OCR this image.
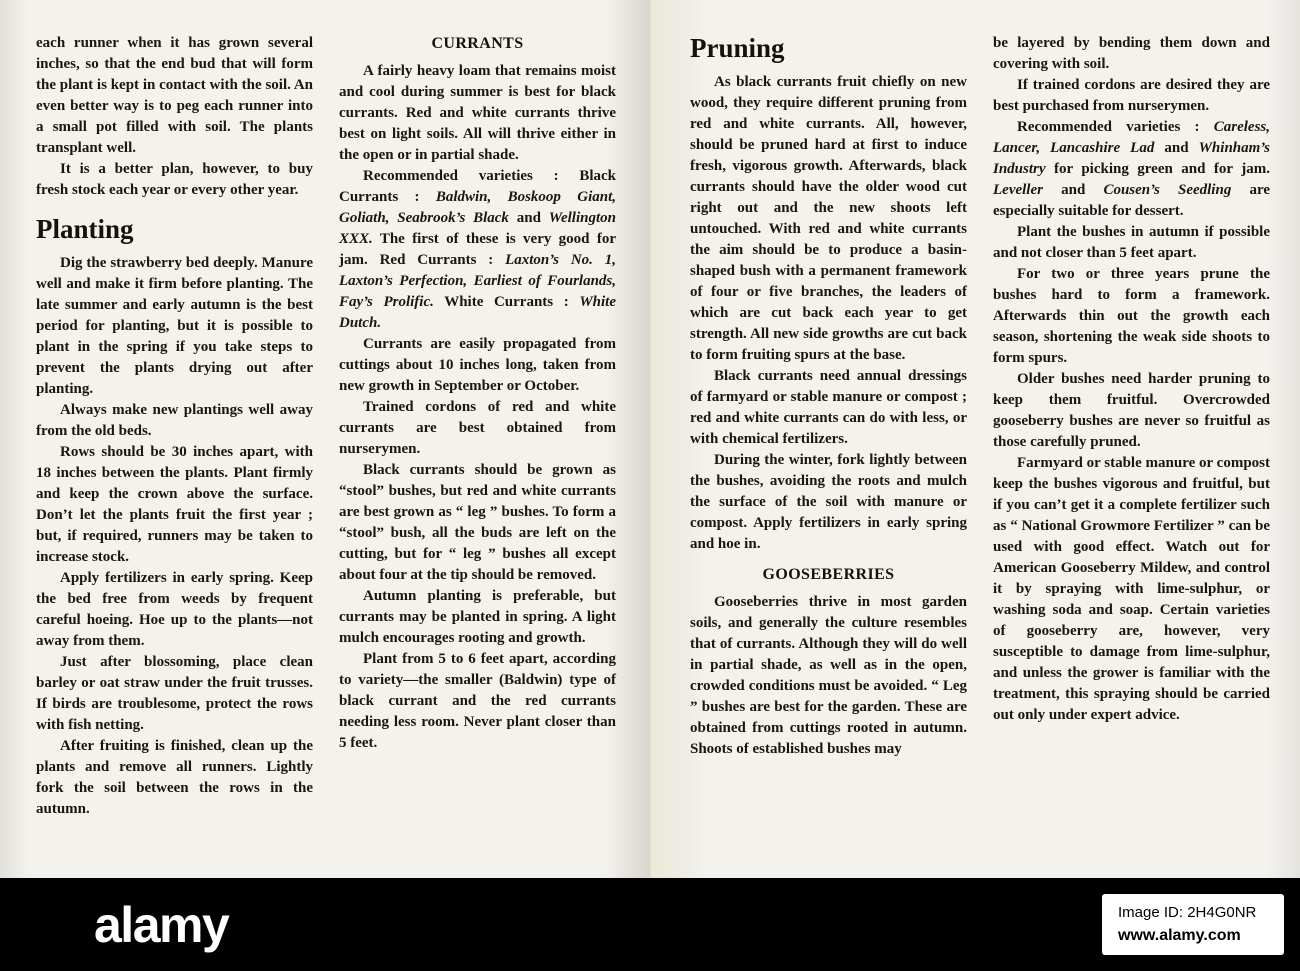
each runner when it has grown several inches, so that the end bud that will form the plant is kept in contact with the soil. An even better way is to peg each runner into a small pot filled with soil. The plants transplant well.

It is a better plan, however, to buy fresh stock each year or every other year.

Planting

Dig the strawberry bed deeply. Manure well and make it firm before planting. The late summer and early autumn is the best period for planting, but it is possible to plant in the spring if you take steps to prevent the plants drying out after planting.

Always make new plantings well away from the old beds.

Rows should be 30 inches apart, with 18 inches between the plants. Plant firmly and keep the crown above the surface. Don’t let the plants fruit the first year ; but, if required, runners may be taken to increase stock.

Apply fertilizers in early spring. Keep the bed free from weeds by frequent careful hoeing. Hoe up to the plants—not away from them.

Just after blossoming, place clean barley or oat straw under the fruit trusses. If birds are troublesome, protect the rows with fish netting.

After fruiting is finished, clean up the plants and remove all runners. Lightly fork the soil between the rows in the autumn.

CURRANTS

A fairly heavy loam that remains moist and cool during summer is best for black currants. Red and white currants thrive best on light soils. All will thrive either in the open or in partial shade.

Recommended varieties : Black Currants : Baldwin, Boskoop Giant, Goliath, Seabrook’s Black and Wellington XXX. The first of these is very good for jam. Red Currants : Laxton’s No. 1, Laxton’s Perfection, Earliest of Fourlands, Fay’s Prolific. White Currants : White Dutch.

Currants are easily propagated from cuttings about 10 inches long, taken from new growth in September or October.

Trained cordons of red and white currants are best obtained from nurserymen.

Black currants should be grown as “stool” bushes, but red and white currants are best grown as “ leg ” bushes. To form a “stool” bush, all the buds are left on the cutting, but for “ leg ” bushes all except about four at the tip should be removed.

Autumn planting is preferable, but currants may be planted in spring. A light mulch encourages rooting and growth.

Plant from 5 to 6 feet apart, according to variety—the smaller (Baldwin) type of black currant and the red currants needing less room. Never plant closer than 5 feet.

Pruning

As black currants fruit chiefly on new wood, they require different pruning from red and white currants. All, however, should be pruned hard at first to induce fresh, vigorous growth. Afterwards, black currants should have the older wood cut right out and the new shoots left untouched. With red and white currants the aim should be to produce a basin-shaped bush with a permanent framework of four or five branches, the leaders of which are cut back each year to get strength. All new side growths are cut back to form fruiting spurs at the base.

Black currants need annual dressings of farmyard or stable manure or compost ; red and white currants can do with less, or with chemical fertilizers.

During the winter, fork lightly between the bushes, avoiding the roots and mulch the surface of the soil with manure or compost. Apply fertilizers in early spring and hoe in.

GOOSEBERRIES

Gooseberries thrive in most garden soils, and generally the culture resembles that of currants. Although they will do well in partial shade, as well as in the open, crowded conditions must be avoided. “ Leg ” bushes are best for the garden. These are obtained from cuttings rooted in autumn. Shoots of established bushes may

be layered by bending them down and covering with soil.

If trained cordons are desired they are best purchased from nurserymen.

Recommended varieties : Careless, Lancer, Lancashire Lad and Whinham’s Industry for picking green and for jam. Leveller and Cousen’s Seedling are especially suitable for dessert.

Plant the bushes in autumn if possible and not closer than 5 feet apart.

For two or three years prune the bushes hard to form a framework. Afterwards thin out the growth each season, shortening the weak side shoots to form spurs.

Older bushes need harder pruning to keep them fruitful. Overcrowded gooseberry bushes are never so fruitful as those carefully pruned.

Farmyard or stable manure or compost keep the bushes vigorous and fruitful, but if you can’t get it a complete fertilizer such as “ National Growmore Fertilizer ” can be used with good effect. Watch out for American Gooseberry Mildew, and control it by spraying with lime-sulphur, or washing soda and soap. Certain varieties of gooseberry are, however, very susceptible to damage from lime-sulphur, and unless the grower is familiar with the treatment, this spraying should be carried out only under expert advice.

alamy	Image ID: 2H4G0NR
www.alamy.com
